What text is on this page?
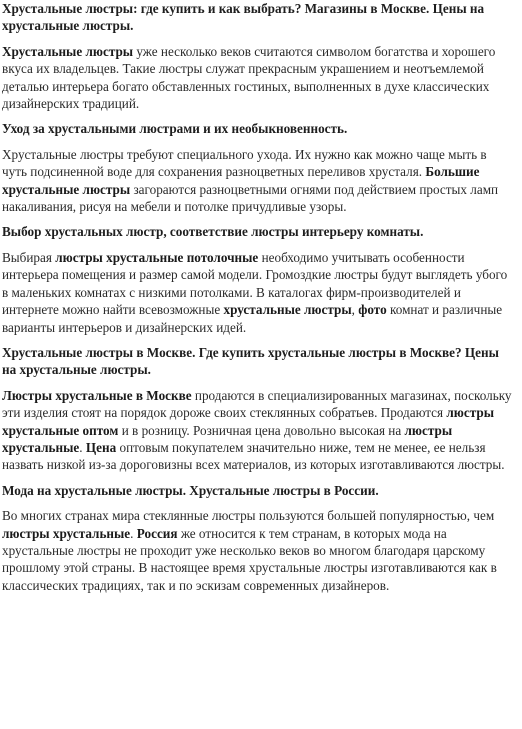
Хрустальные люстры: где купить и как выбрать? Магазины в Москве. Цены на хрустальные люстры.

Хрустальные люстры уже несколько веков считаются символом богатства и хорошего вкуса их владельцев. Такие люстры служат прекрасным украшением и неотъемлемой деталью интерьера богато обставленных гостиных, выполненных в духе классических дизайнерских традиций.

Уход за хрустальными люстрами и их необыкновенность.

Хрустальные люстры требуют специального ухода. Их нужно как можно чаще мыть в чуть подсиненной воде для сохранения разноцветных переливов хрусталя. Большие хрустальные люстры загораются разноцветными огнями под действием простых ламп накаливания, рисуя на мебели и потолке причудливые узоры.

Выбор хрустальных люстр, соответствие люстры интерьеру комнаты.

Выбирая люстры хрустальные потолочные необходимо учитывать особенности интерьера помещения и размер самой модели. Громоздкие люстры будут выглядеть убого в маленьких комнатах с низкими потолками. В каталогах фирм-производителей и интернете можно найти всевозможные хрустальные люстры, фото комнат и различные варианты интерьеров и дизайнерских идей.

Хрустальные люстры в Москве. Где купить хрустальные люстры в Москве? Цены на хрустальные люстры.

Люстры хрустальные в Москве продаются в специализированных магазинах, поскольку эти изделия стоят на порядок дороже своих стеклянных собратьев. Продаются люстры хрустальные оптом и в розницу. Розничная цена довольно высокая на люстры хрустальные. Цена оптовым покупателем значительно ниже, тем не менее, ее нельзя назвать низкой из-за дороговизны всех материалов, из которых изготавливаются люстры.

Мода на хрустальные люстры. Хрустальные люстры в России.

Во многих странах мира стеклянные люстры пользуются большей популярностью, чем люстры хрустальные. Россия же относится к тем странам, в которых мода на хрустальные люстры не проходит уже несколько веков во многом благодаря царскому прошлому этой страны. В настоящее время хрустальные люстры изготавливаются как в классических традициях, так и по эскизам современных дизайнеров.
